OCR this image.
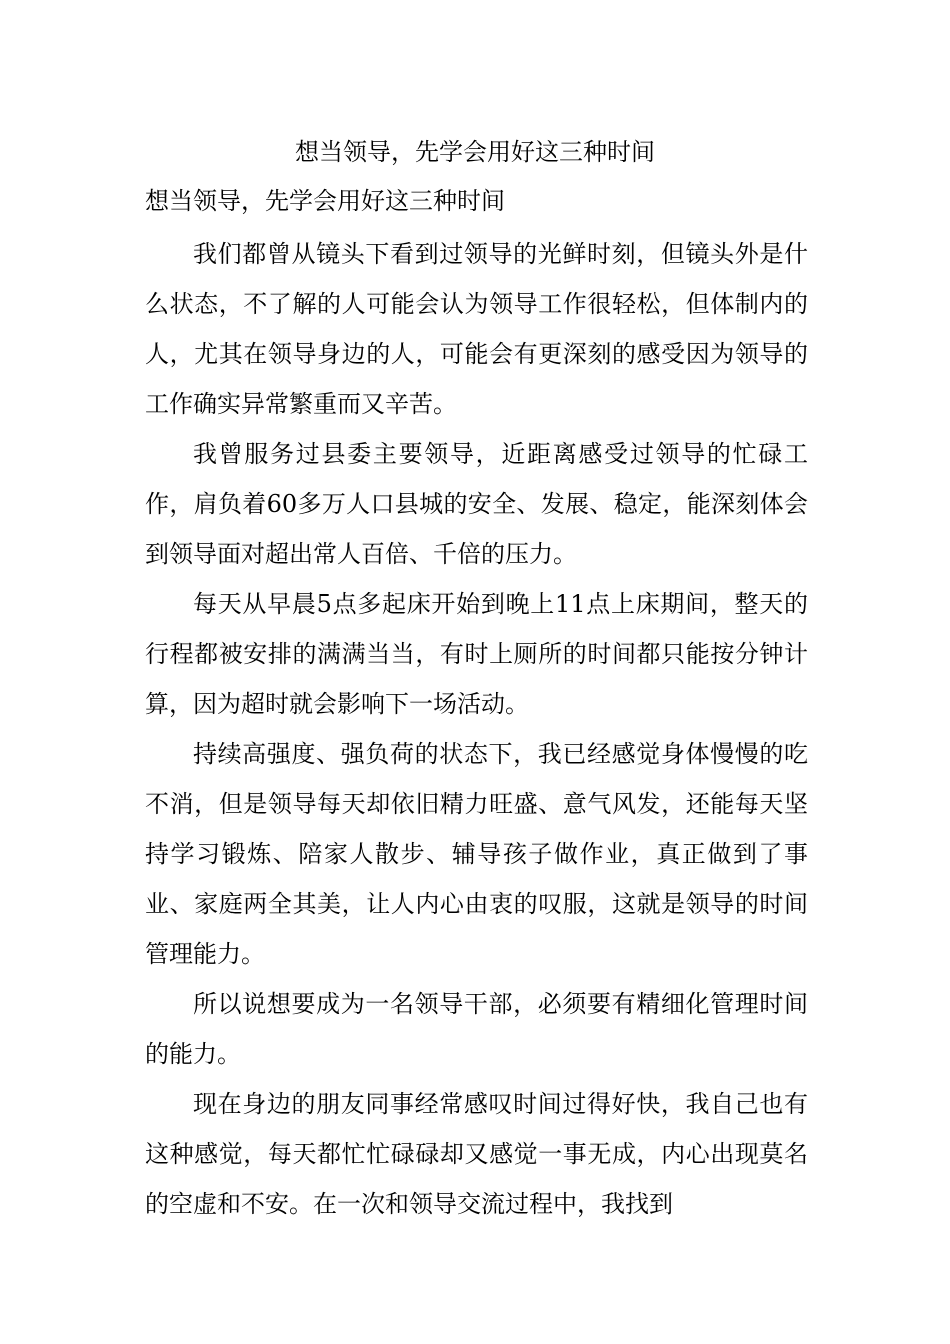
想当领导，先学会用好这三种时间
想当领导，先学会用好这三种时间

我们都曾从镜头下看到过领导的光鲜时刻，但镜头外是什么状态，不了解的人可能会认为领导工作很轻松，但体制内的人，尤其在领导身边的人，可能会有更深刻的感受因为领导的工作确实异常繁重而又辛苦。

我曾服务过县委主要领导，近距离感受过领导的忙碌工作，肩负着60多万人口县城的安全、发展、稳定，能深刻体会到领导面对超出常人百倍、千倍的压力。

每天从早晨5点多起床开始到晚上11点上床期间，整天的行程都被安排的满满当当，有时上厕所的时间都只能按分钟计算，因为超时就会影响下一场活动。

持续高强度、强负荷的状态下，我已经感觉身体慢慢的吃不消，但是领导每天却依旧精力旺盛、意气风发，还能每天坚持学习锻炼、陪家人散步、辅导孩子做作业，真正做到了事业、家庭两全其美，让人内心由衷的叹服，这就是领导的时间管理能力。

所以说想要成为一名领导干部，必须要有精细化管理时间的能力。

现在身边的朋友同事经常感叹时间过得好快，我自己也有这种感觉，每天都忙忙碌碌却又感觉一事无成，内心出现莫名的空虚和不安。在一次和领导交流过程中，我找到
